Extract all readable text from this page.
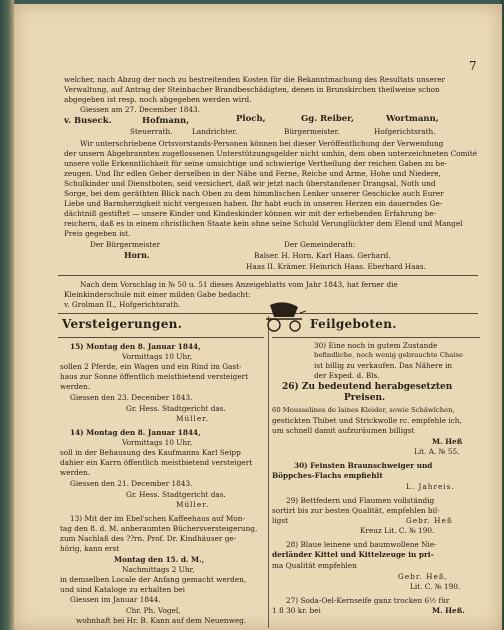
7
welcher, nach Abzug der noch zu bestreitenden Kosten für die Bekanntmachung des Resultats unserer
Verwaltung, auf Antrag der Steinbacher Brandbeschädigten, denen in Brunskirchen theilweise schon
abgegeben ist resp. noch abgegeben werden wird.
Giessen am 27. December 1843.
v. Buseck.	Hofmann,	Ploch,	Gg. Reiber,	Wortmann,
Steuerrath.	Landrichter.	Bürgermeister.	Hofgerichtsrath.
Wir unterschriebene Ortsvorstands-Personen können bei dieser Veröffentlichung der Verwendung
der unsern Abgebrannten zugeflossenen Unterstützungsgelder nicht umhin, dem oben unterzeichneten Comité
unsere volle Erkenntlichkeit für seine umsichtige und schwierige Vertheilung der reichen Gaben zu be-
zeugen. Und Ihr edlen Geber derselben in der Nähe und Ferne, Reiche und Arme, Hohe und Niedere,
Schulkinder und Dienstboten, seid versichert, daß wir jetzt nach überstandener Drangsal, Noth und
Sorge, bei dem geräthten Blick nach Oben zu dem himmlischen Lenker unserer Geschicke auch Eurer
Liebe und Barmherzigkeit nicht vergessen haben. Ihr habt euch in unseren Herzen ein dauerndes Ge-
dächtniß gestiftet — unsere Kinder und Kindeskinder können wir mit der erhebenden Erfahrung be-
reichern, daß es in einem christlichen Staate kein ohne seine Schuld Verunglückter dem Elend und Mangel
Preis gegeben ist.
Der Bürgermeister
Horn.
Der Gemeinderath:
Balser. H. Horn. Karl Haas. Gerhard.
Haas II. Krämer. Heinrich Haas. Eberhard Haas.
Nach dem Vorschlag in № 50 u. 51 dieses Anzeigeblatts vom Jahr 1843, hat ferner die
Kleinkinderschule mit einer milden Gabe bedacht:
v. Grolman II., Hofgerichtsrath.
Versteigerungen.
15) Montag den 8. Januar 1844,
Vormittags 10 Uhr,
sollen 2 Pferde, ein Wagen und ein Rind im Gast-
haus zur Sonne öffentlich meistbietend versteigert
werden.
Giessen den 23. December 1843.
Gr. Hess. Stadtgericht das.
Müller.
14) Montag den 8. Januar 1844,
Vormittags 10 Uhr,
soll in der Behausung des Kaufmanns Karl Seipp
dahier ein Karrn öffentlich meistbietend versteigert
werden.
Giessen den 21. December 1843.
Gr. Hess. Stadtgericht das.
Müller.
13) Mit der im Ebel'schen Kaffeehaus auf Mon-
tag den 8. d. M. anberaumten Büchersversteigerung,
zum Nachlaß des ??rn. Prof. Dr. Kindhäuser ge-
hörig, kann erst
Montag den 15. d. M.,
Nachmittags 2 Uhr,
in demselben Locale der Anfang gemacht werden,
und sind Kataloge zu erhalten bei
Giessen im Januar 1844.
Chr. Ph. Vogel,
wohnhaft bei Hr. B. Kann auf dem Neuenweg.
Feilgeboten.
30) Eine noch in gutem Zustande
befindliche, noch wenig gebrauchte Chaise
ist billig zu verkaufen. Das Nähere in
der Exped. d. Bls.
26) Zu bedeutend herabgesetzten
Preisen.
60 Mousselines de laines Kleider, sowie Schäwlchen,
gestickten Thibet und Strickwolle rc. empfehle ich,
um schnell damit aufzuräumen billigst
M. Heß
Lit. A. № 55.
30) Feinsten Braunschweiger und
Böppches-Flachs empfiehlt
L. Jahreis.
29) Bettfedern und Flaumen vollständig
sortirt bis zur besten Qualität, empfehlen bil-
ligst	Gebr. Heß
Kreuz Lit. C. № 190.
28) Blaue leinene und baumwollene Nie-
derländer Kittel und Kittelzeuge in pri-
ma Qualität empfehlen
Gebr. Heß,
Lit. C. № 190.
27) Soda-Oel-Kernseife ganz trocken 6½ für
1 fl 30 kr. bei	M. Heß.
